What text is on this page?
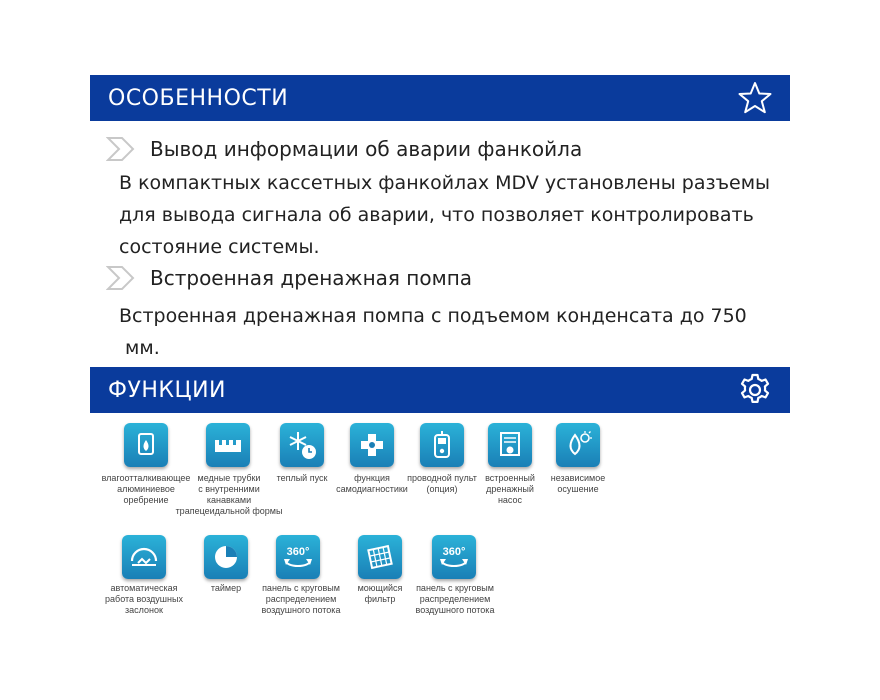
ОСОБЕННОСТИ
Вывод информации об аварии фанкойла
В компактных кассетных фанкойлах MDV установлены разъемы
для вывода сигнала об аварии, что позволяет контролировать
состояние системы.
Встроенная дренажная помпа
Встроенная дренажная помпа с подъемом конденсата до 750
мм.
ФУНКЦИИ
влагоотталкивающее
алюминиевое
оребрение
медные трубки
с внутренними
канавками
трапецеидальной формы
теплый пуск	функция
самодиагностики
проводной пульт
(опция)
встроенный
дренажный
насос
независимое
осушение
автоматическая
работа воздушных
заслонок
таймер
360°
панель с круговым
распределением
воздушного потока
моющийся
фильтр
360°
панель с круговым
распределением
воздушного потока
